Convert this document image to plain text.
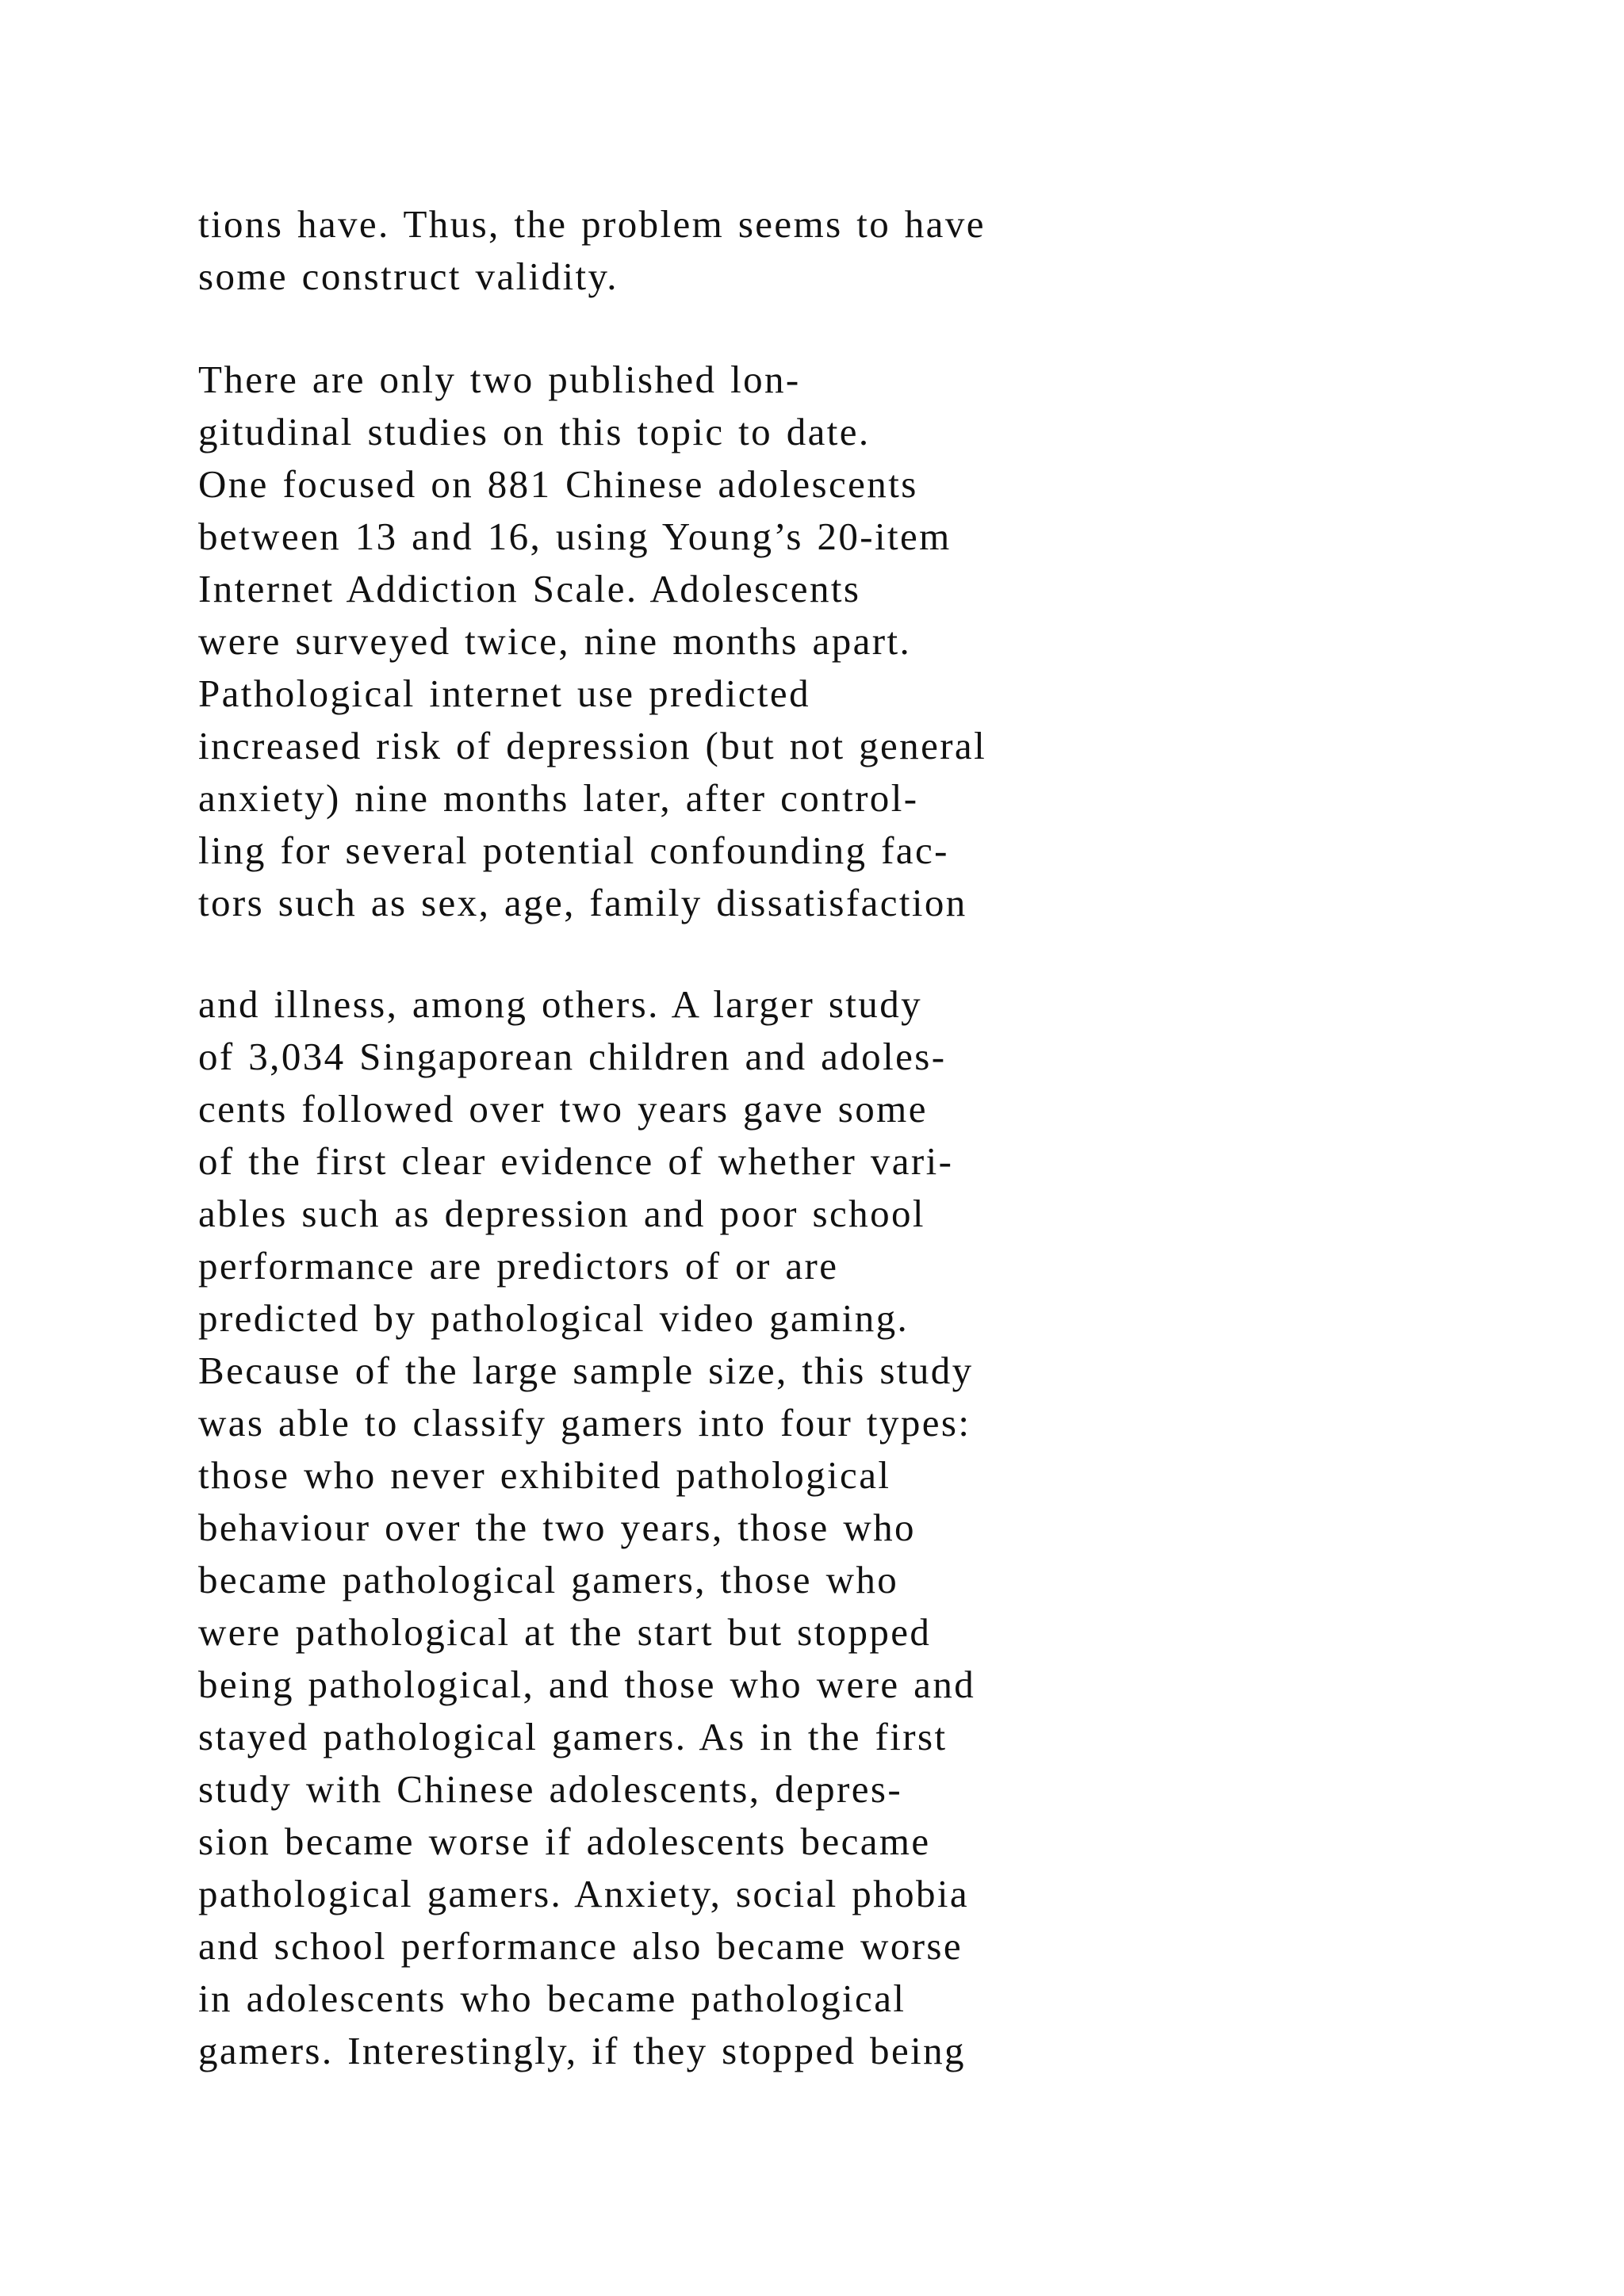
tions have. Thus, the problem seems to have
some construct validity.

There are only two published lon-
gitudinal studies on this topic to date.
One focused on 881 Chinese adolescents
between 13 and 16, using Young’s 20-item
Internet Addiction Scale. Adolescents
were surveyed twice, nine months apart.
Pathological internet use predicted
increased risk of depression (but not general
anxiety) nine months later, after control-
ling for several potential confounding fac-
tors such as sex, age, family dissatisfaction

and illness, among others. A larger study
of 3,034 Singaporean children and adoles-
cents followed over two years gave some
of the first clear evidence of whether vari-
ables such as depression and poor school
performance are predictors of or are
predicted by pathological video gaming.
Because of the large sample size, this study
was able to classify gamers into four types:
those who never exhibited pathological
behaviour over the two years, those who
became pathological gamers, those who
were pathological at the start but stopped
being pathological, and those who were and
stayed pathological gamers. As in the first
study with Chinese adolescents, depres-
sion became worse if adolescents became
pathological gamers. Anxiety, social phobia
and school performance also became worse
in adolescents who became pathological
gamers. Interestingly, if they stopped being
